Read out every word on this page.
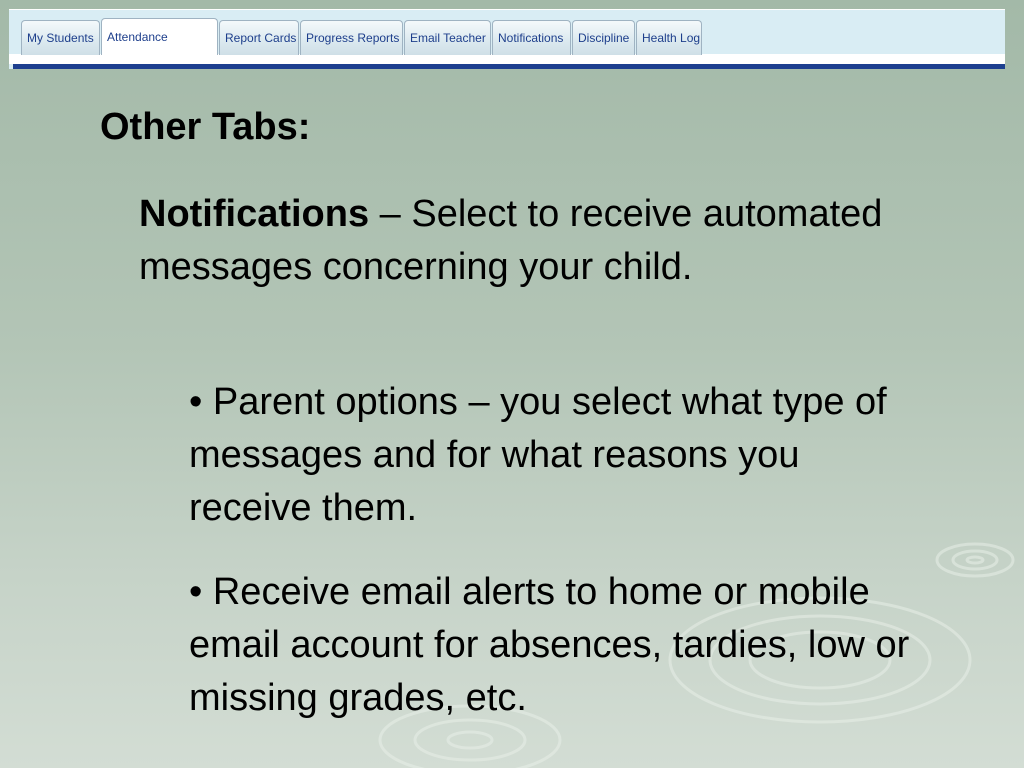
My Students	Attendance	Report Cards Progress Reports Email Teacher	Notifications	Discipline	Health Log
Other Tabs:

Notifications – Select to receive automated messages concerning your child.

• Parent options – you select what type of messages and for what reasons you receive them.

• Receive email alerts to home or mobile email account for absences, tardies, low or missing grades, etc.
